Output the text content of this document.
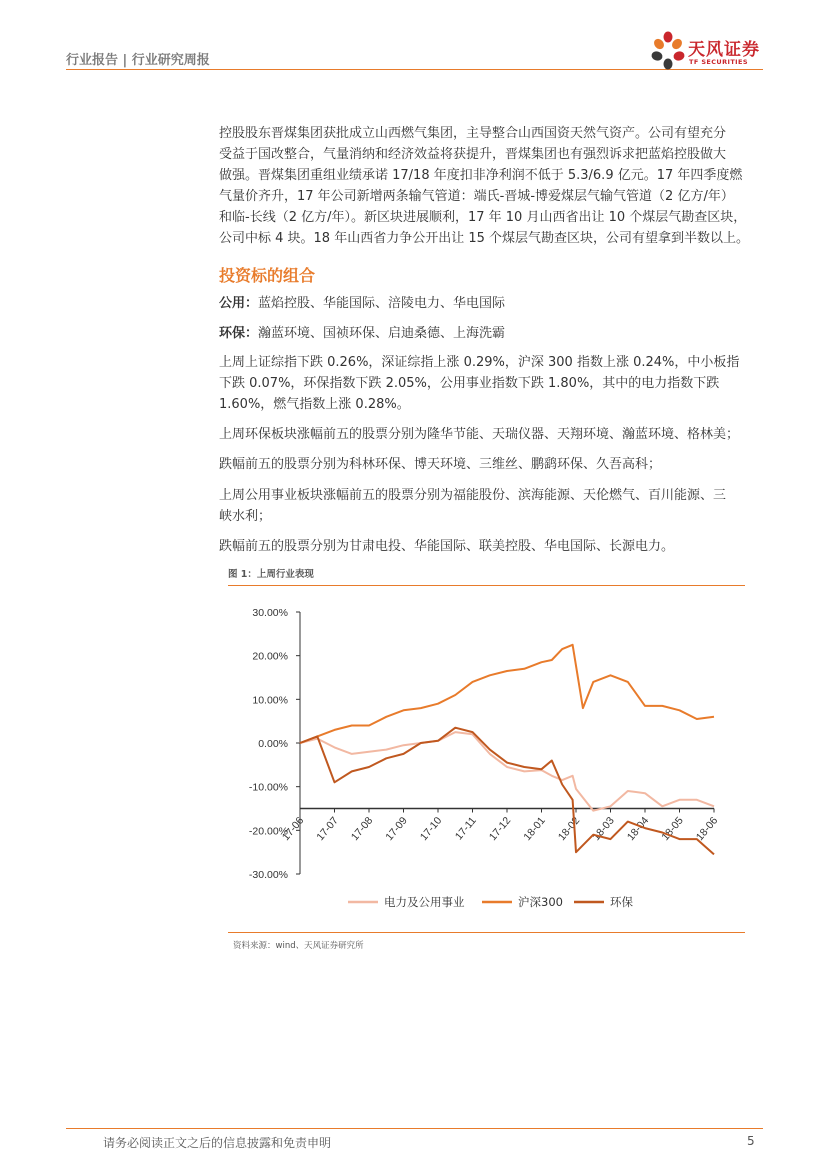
行业报告 | 行业研究周报
天风证券
TF SECURITIES
控股股东晋煤集团获批成立山西燃气集团，主导整合山西国资天然气资产。公司有望充分
受益于国改整合，气量消纳和经济效益将获提升，晋煤集团也有强烈诉求把蓝焰控股做大
做强。晋煤集团重组业绩承诺 17/18 年度扣非净利润不低于 5.3/6.9 亿元。17 年四季度燃
气量价齐升，17 年公司新增两条输气管道：端氏-晋城-博爱煤层气输气管道（2 亿方/年）
和临-长线（2 亿方/年）。新区块进展顺利，17 年 10 月山西省出让 10 个煤层气勘查区块，
公司中标 4 块。18 年山西省力争公开出让 15 个煤层气勘查区块，公司有望拿到半数以上。
投资标的组合
公用：蓝焰控股、华能国际、涪陵电力、华电国际
环保：瀚蓝环境、国祯环保、启迪桑德、上海洗霸
上周上证综指下跌 0.26%，深证综指上涨 0.29%，沪深 300 指数上涨 0.24%，中小板指
下跌 0.07%，环保指数下跌 2.05%，公用事业指数下跌 1.80%，其中的电力指数下跌
1.60%，燃气指数上涨 0.28%。
上周环保板块涨幅前五的股票分别为隆华节能、天瑞仪器、天翔环境、瀚蓝环境、格林美；
跌幅前五的股票分别为科林环保、博天环境、三维丝、鹏鹞环保、久吾高科；
上周公用事业板块涨幅前五的股票分别为福能股份、滨海能源、天伦燃气、百川能源、三
峡水利；
跌幅前五的股票分别为甘肃电投、华能国际、联美控股、华电国际、长源电力。
图 1：上周行业表现
30.00%
20.00%
10.00%
0.00%
-10.00%
-20.00%
-30.00%
17-06 17-07 17-08 17-09 17-10 17-11 17-12 18-01 18-02 18-03 18-04 18-05 18-06
电力及公用事业	沪深300	环保
资料来源：wind、天风证券研究所
请务必阅读正文之后的信息披露和免责申明	5
